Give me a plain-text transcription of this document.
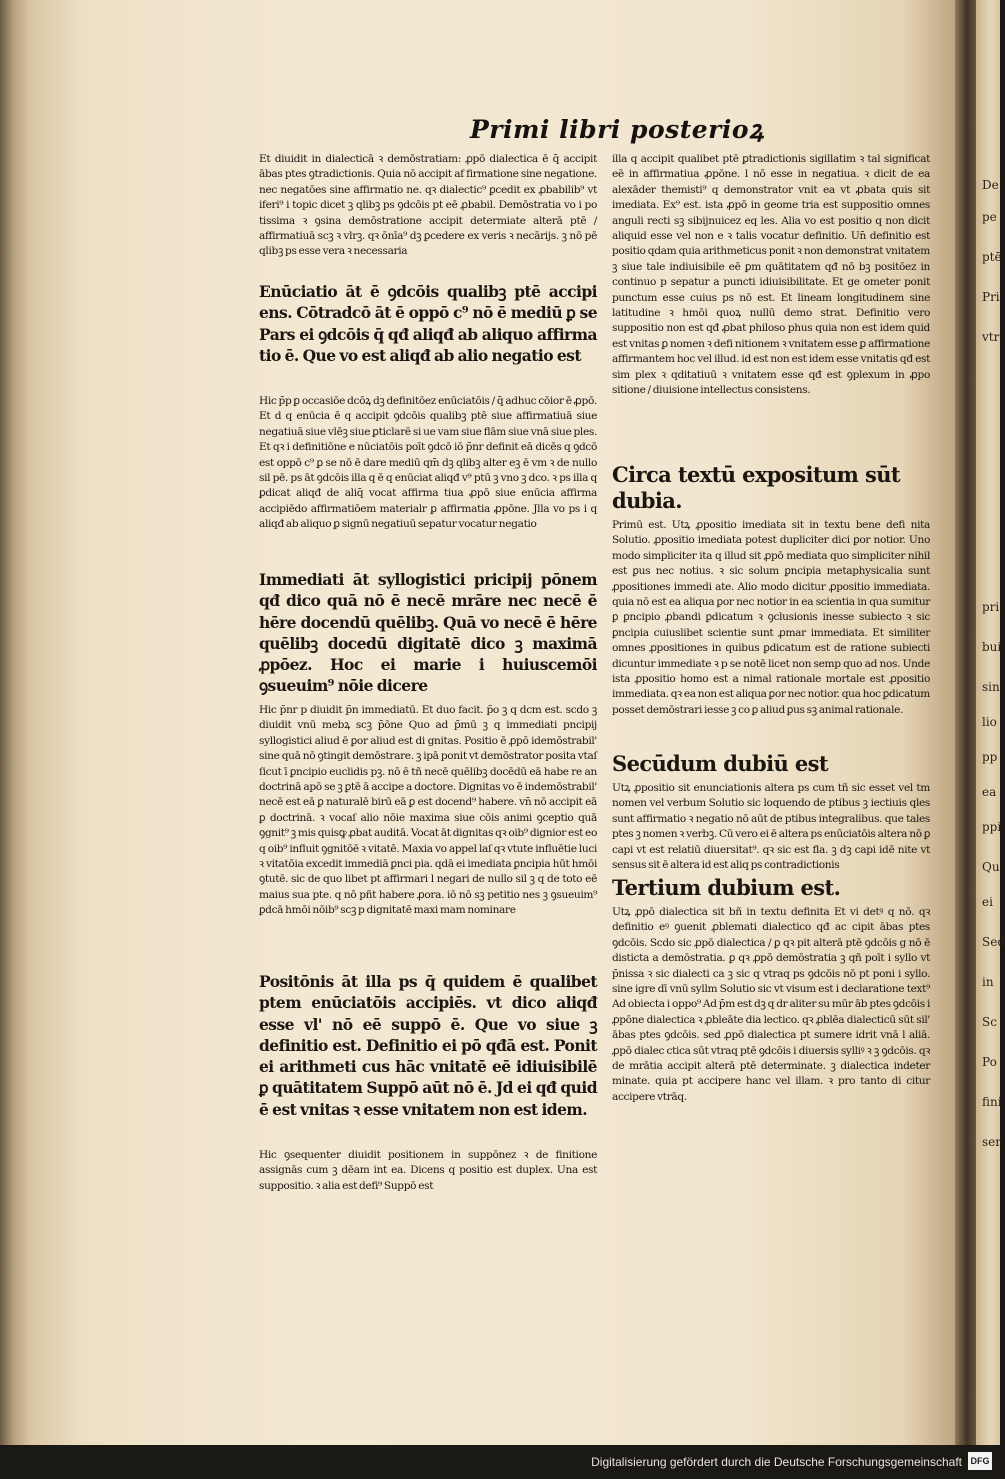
De
pe
ptē
Pri
vtr
pri
bui
sin
lio
pp
ea
ppi
Qu
ei
Sed
in
Sc
Po
fini
sen
Primi libri posterioꝝ

Et diuidit in dialecticā ꝛ demōstratiam: ꝓpō dialectica ē q̄ accipit ābas ptes ꝯtradictionis. Quia nō accipit af firmatione sine negatione. nec negatōes sine affirmatio ne. qꝛ dialectic⁹ ꝑcedit ex ꝓbabilib⁹ vt iferi⁹ i topic dicet ꝫ qlibꝫ ps ꝯdcōis pt eē ꝓbabil. Demōstratia vo i po tissima ꝛ ꝯsina demōstratione accipit determiate alterā ptē / affirmatiuā scꝫ ꝛ vlrꝫ. qꝛ ōnīa⁹ dꝫ ꝑcedere ex veris ꝛ necārijs. ꝫ nō pē qlibꝫ ps esse vera ꝛ necessaria

Enūciatio āt ē ꝯdcōis qualibꝫ ptē accipi ens. Cōtradcō āt ē oppō c⁹ nō ē mediū ꝑ se Pars ei ꝯdcōis q̄ qđ aliqđ ab aliquo affirma tio ē. Que vo est aliqđ ab alio negatio est

Hic p̄p ꝑ occasiōe dcōꝝ dꝫ definitōez enūciatōis / q̄ adhuc cōior ē ꝓpō. Et d q enūcia ē q accipit ꝯdcōis qualibꝫ ptē siue affirmatiuā siue negatiuā siue vlēꝫ siue ꝑticlarē si ue vam siue flām siue vnā siue ples. Et qꝛ i definitiōne e nūciatōis poīt ꝯdcō iō p̄nr definit eā dicēs q ꝯdcō est oppō c⁹ ꝑ se nō ē dare mediū qm̄ dꝫ qlibꝫ alter eꝫ ē vm ꝛ de nullo sil pē. ps āt ꝯdcōis illa q ē q enūciat aliqđ v⁹ ptū ꝫ vno ꝫ dco. ꝛ ps illa q ꝑdicat aliqđ de aliq̄ vocat affirma tiua ꝓpō siue enūcia affirma accipiēdo affirmatiōem materialr ꝑ affirmatia ꝓpōne. Jlla vo ps i q aliqđ ab aliquo ꝑ signū negatiuū sepatur vocatur negatio

Immediati āt syllogistici pricipij pōnem qđ dico quā nō ē necē mrāre nec necē ē hēre docendū quēlibꝫ. Quā vo necē ē hēre quēlibꝫ docedū digitatē dico ꝫ maximā ꝓpōez. Hoc ei marie i huiuscemōi ꝯsueuim⁹ nōie dicere

Hic p̄nr p diuidit p̄n immediatū. Et duo facit. p̄o ꝫ q dcm est. scdo ꝫ diuidit vnū mebꝝ scꝫ p̄ōne Quo ad p̄mū ꝫ q immediati pncipij syllogistici aliud ē ꝑor aliud est di gnitas. Positio ē ꝓpō idemōstrabil' sine quā nō ꝯtingit demōstrare. ꝫ ipā ponit vt demōstrator posita vtaſ ſicut ī ꝑncipio euclidis pꝫ. nō ē tñ necē quēlibꝫ docēdū eā habe re an doctrinā apō se ꝫ ꝑtē ā accipe a doctore. Dignitas vo ē indemōstrabil' necē est eā ꝑ naturalē birū eā ꝑ est docend⁹ habere. vn̄ nō accipit eā ꝑ doctrinā. ꝛ vocaſ alio nōie maxima siue cōis animi ꝯceptio quā ꝯgnit⁹ ꝫ mis quisꝙ ꝓbat auditā. Vocat āt dignitas qꝛ oib⁹ dignior est eo q oib⁹ influit ꝯgnitōē ꝛ vitatē. Maxia vo appel laſ qꝛ vtute influētie luci ꝛ vitatōia excedit immediā ꝑnci pia. qdā ei imediata ꝑncipia hūt hmōi ꝯtutē. sic de quo libet pt affirmari l negari de nullo sil ꝫ q de toto eē maius sua pte. q nō pñt habere ꝓora. iō nō sꝫ petitio nes ꝫ ꝯsueuim⁹ ꝑdcā hmōi nōib⁹ scꝫ p dignitatē maxi mam nominare

Positōnis āt illa ps q̄ quidem ē qualibet ptem enūciatōis accipiēs. vt dico aliqđ esse vl' nō eē suppō ē. Que vo siue ꝫ definitio est. Definitio ei pō qđā est. Ponit ei arithmeti cus hāc vnitatē eē idiuisibilē ꝑ quātitatem Suppō aūt nō ē. Jd ei qđ quid ē est vnitas ꝛ esse vnitatem non est idem.

Hic ꝯsequenter diuidit positionem in suppōnez ꝛ de finitione assignās cum ꝫ dēam int ea. Dicens q positio est duplex. Una est suppositio. ꝛ alia est defi⁹ Suppō est

illa q accipit qualibet ptē ꝑtradictionis sigillatim ꝛ tal significat eē in affirmatiua ꝓpōne. l nō esse in negatiua. ꝛ dicit de ea alexāder themisti⁹ q demonstrator vnit ea vt ꝓbata quis sit imediata. Ex⁹ est. ista ꝓpō in geome tria est suppositio omnes anguli recti sꝫ sibijnuicez eq les. Alia vo est positio q non dicit aliquid esse vel non e ꝛ talis vocatur definitio. Un̄ definitio est positio qdam quia arithmeticus ponit ꝛ non demonstrat vnitatem ꝫ siue tale indiuisibile eē ꝑm quātitatem qđ nō bꝫ positōez in continuo p sepatur a puncti idiuisibilitate. Et ge ometer ponit punctum esse cuius ps nō est. Et lineam longitudinem sine latitudine ꝛ hmōi quoꝝ nullū demo strat. Definitio vero suppositio non est qđ ꝓbat philoso phus quia non est idem quid est vnitas ꝑ nomen ꝛ defi nitionem ꝛ vnitatem esse ꝑ affirmatione affirmantem hoc vel illud. id est non est idem esse vnitatis qđ est sim plex ꝛ qditatiuū ꝛ vnitatem esse qđ est ꝯplexum in ꝓpo sitione / diuisione intellectus consistens.

Circa textū expositum sūt dubia.

Primū est. Utꝝ ꝓpositio imediata sit in textu bene defi nita Solutio. ꝓpositio imediata potest dupliciter dici ꝑor notior. Uno modo simpliciter ita q illud sit ꝓpō mediata quo simpliciter nihil est ꝑus nec notius. ꝛ sic solum ꝑncipia metaphysicalia sunt ꝓpositiones immedi ate. Alio modo dicitur ꝓpositio immediata. quia nō est ea aliqua ꝑor nec notior in ea scientia in qua sumitur ꝑ ꝑncipio ꝓbandi ꝑdicatum ꝛ ꝯclusionis inesse subiecto ꝛ sic ꝑncipia cuiuslibet scientie sunt ꝓmar immediata. Et similiter omnes ꝓpositiones in quibus ꝑdicatum est de ratione subiecti dicuntur immediate ꝛ p se notē licet non semp quo ad nos. Unde ista ꝓpositio homo est a nimal rationale mortale est ꝓpositio immediata. qꝛ ea non est aliqua ꝑor nec notior. qua hoc ꝑdicatum posset demōstrari iesse ꝫ co ꝑ aliud ꝑus sꝫ animal rationale.

Secūdum dubiū est

Utꝝ ꝓpositio sit enunciationis altera ps cum tñ sic esset vel tm nomen vel verbum Solutio sic loquendo de ptibus ꝫ iectiuis qles sunt affirmatio ꝛ negatio nō aūt de ptibus integralibus. que tales ptes ꝫ nomen ꝛ verbꝫ. Cū vero ei ē altera ps enūciatōis altera nō ꝑ capi vt est relatiū diuersitat⁹. qꝛ sic est fla. ꝫ dꝫ capi idē nite vt sensus sit ē altera id est aliq ps contradictionis

Tertium dubium est.

Utꝝ ꝓpō dialectica sit bñ in textu definita Et vi detꝰ q nō. qꝛ definitio eꝰ ꝯuenit ꝓblemati dialectico qđ ac cipit ābas ptes ꝯdcōis. Scdo sic ꝓpō dialectica / ꝑ qꝛ pit alterā ptē ꝯdcōis g nō ē disticta a demōstratia. ꝑ qꝛ ꝓpō demōstratia ꝫ qñ poīt i syllo vt p̄nissa ꝛ sic dialecti ca ꝫ sic q vtraq ps ꝯdcōis nō pt poni i syllo. sine igre dī vnū syllm Solutio sic vt visum est i declaratione text⁹ Ad obiecta i oppo⁹ Ad p̄m est dꝫ q dr aliter su mūr āb ptes ꝯdcōis i ꝓpōne dialectica ꝛ ꝓbleāte dia lectico. qꝛ ꝓblēa dialecticū sūt sil' ābas ptes ꝯdcōis. sed ꝓpō dialectica pt sumere idrit vnā l aliā. ꝓpō dialec ctica sūt vtraq ptē ꝯdcōis i diuersis sylliꝰ ꝛ ꝫ ꝯdcōis. qꝛ de mrātia accipit alterā ptē determinate. ꝫ dialectica indeter minate. quia pt accipere hanc vel illam. ꝛ pro tanto di citur accipere vtrāq.

Digitalisierung gefördert durch die Deutsche Forschungsgemeinschaft DFG
